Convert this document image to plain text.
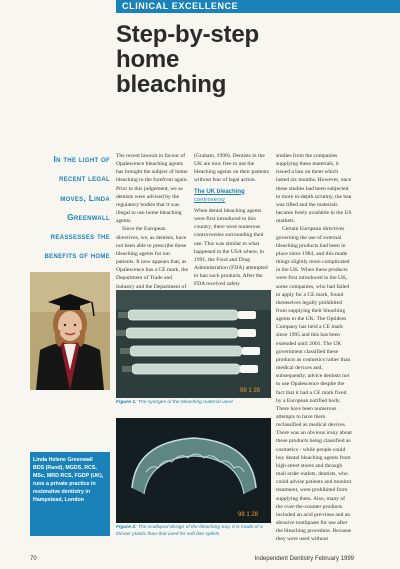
CLINICAL EXCELLENCE
Step-by-step
home bleaching
In the light of
recent legal
moves, Linda
Greenwall
reassesses the
benefits of home
Linda Helene Greenwall
BDS (Rand), MGDS, RCS, MSc, MRD RCS, FGDP (UK), runs a private practice in restorative dentistry in Hampstead, London

The recent lawsuit in favour of Opalescence bleaching agents has brought the subject of home bleaching to the forefront again. Prior to this judgement, we as dentists were advised by the regulatory bodies that it was illegal to use home bleaching agents.

Since the European directives, we, as dentists, have not been able to prescribe these bleaching agents for our patients. It now appears that, as Opalescence has a CE mark, the Department of Trade and Industry and the Department of

(Graham, 1998). Dentists in the UK are now free to use the bleaching agents on their patients without fear of legal action.

The UK bleaching
controversy

When dental bleaching agents were first introduced to this country, there were numerous controversies surrounding their use. This was similar to what happened in the USA where, in 1991, the Food and Drug Administration (FDA) attempted to ban such products. After the FDA received safety

studies from the companies supplying these materials, it issued a ban on them which lasted six months. However, once these studies had been subjected to more in-depth scrutiny, the ban was lifted and the materials became freely available in the US markets.

Certain European directives governing the use of external bleaching products had been in place since 1984, and this made things slightly more complicated in the UK. When these products were first introduced to the UK, some companies, who had failed to apply for a CE mark, found themselves legally prohibited from supplying their bleaching agents to the UK. The Optident Company has held a CE mark since 1995 and this has been extended until 2001. The UK government classified these products as cosmetics rather than medical devices and, subsequently, advice dentists not to use Opalescence despite the fact that it had a CE mark fixed by a European notified body. There have been numerous attempts to have them reclassified as medical devices. There was an obvious irony about these products being classified as cosmetics - while people could buy dental bleaching agents from high street stores and through mail order outlets, dentists, who could advise patients and monitor treatment, were prohibited from supplying them. Also, many of the over-the-counter products included an acid pre-rinse and an abrasive toothpaste for use after the bleaching procedure. Because they were used without

98 1 28
Figure 1: The syringes of the bleaching material used
98 1 28
Figure 2: The scalloped design of the bleaching tray. It is made of a thinner plastic than that used for soft bite splints
70	Independent Dentistry February 1999
